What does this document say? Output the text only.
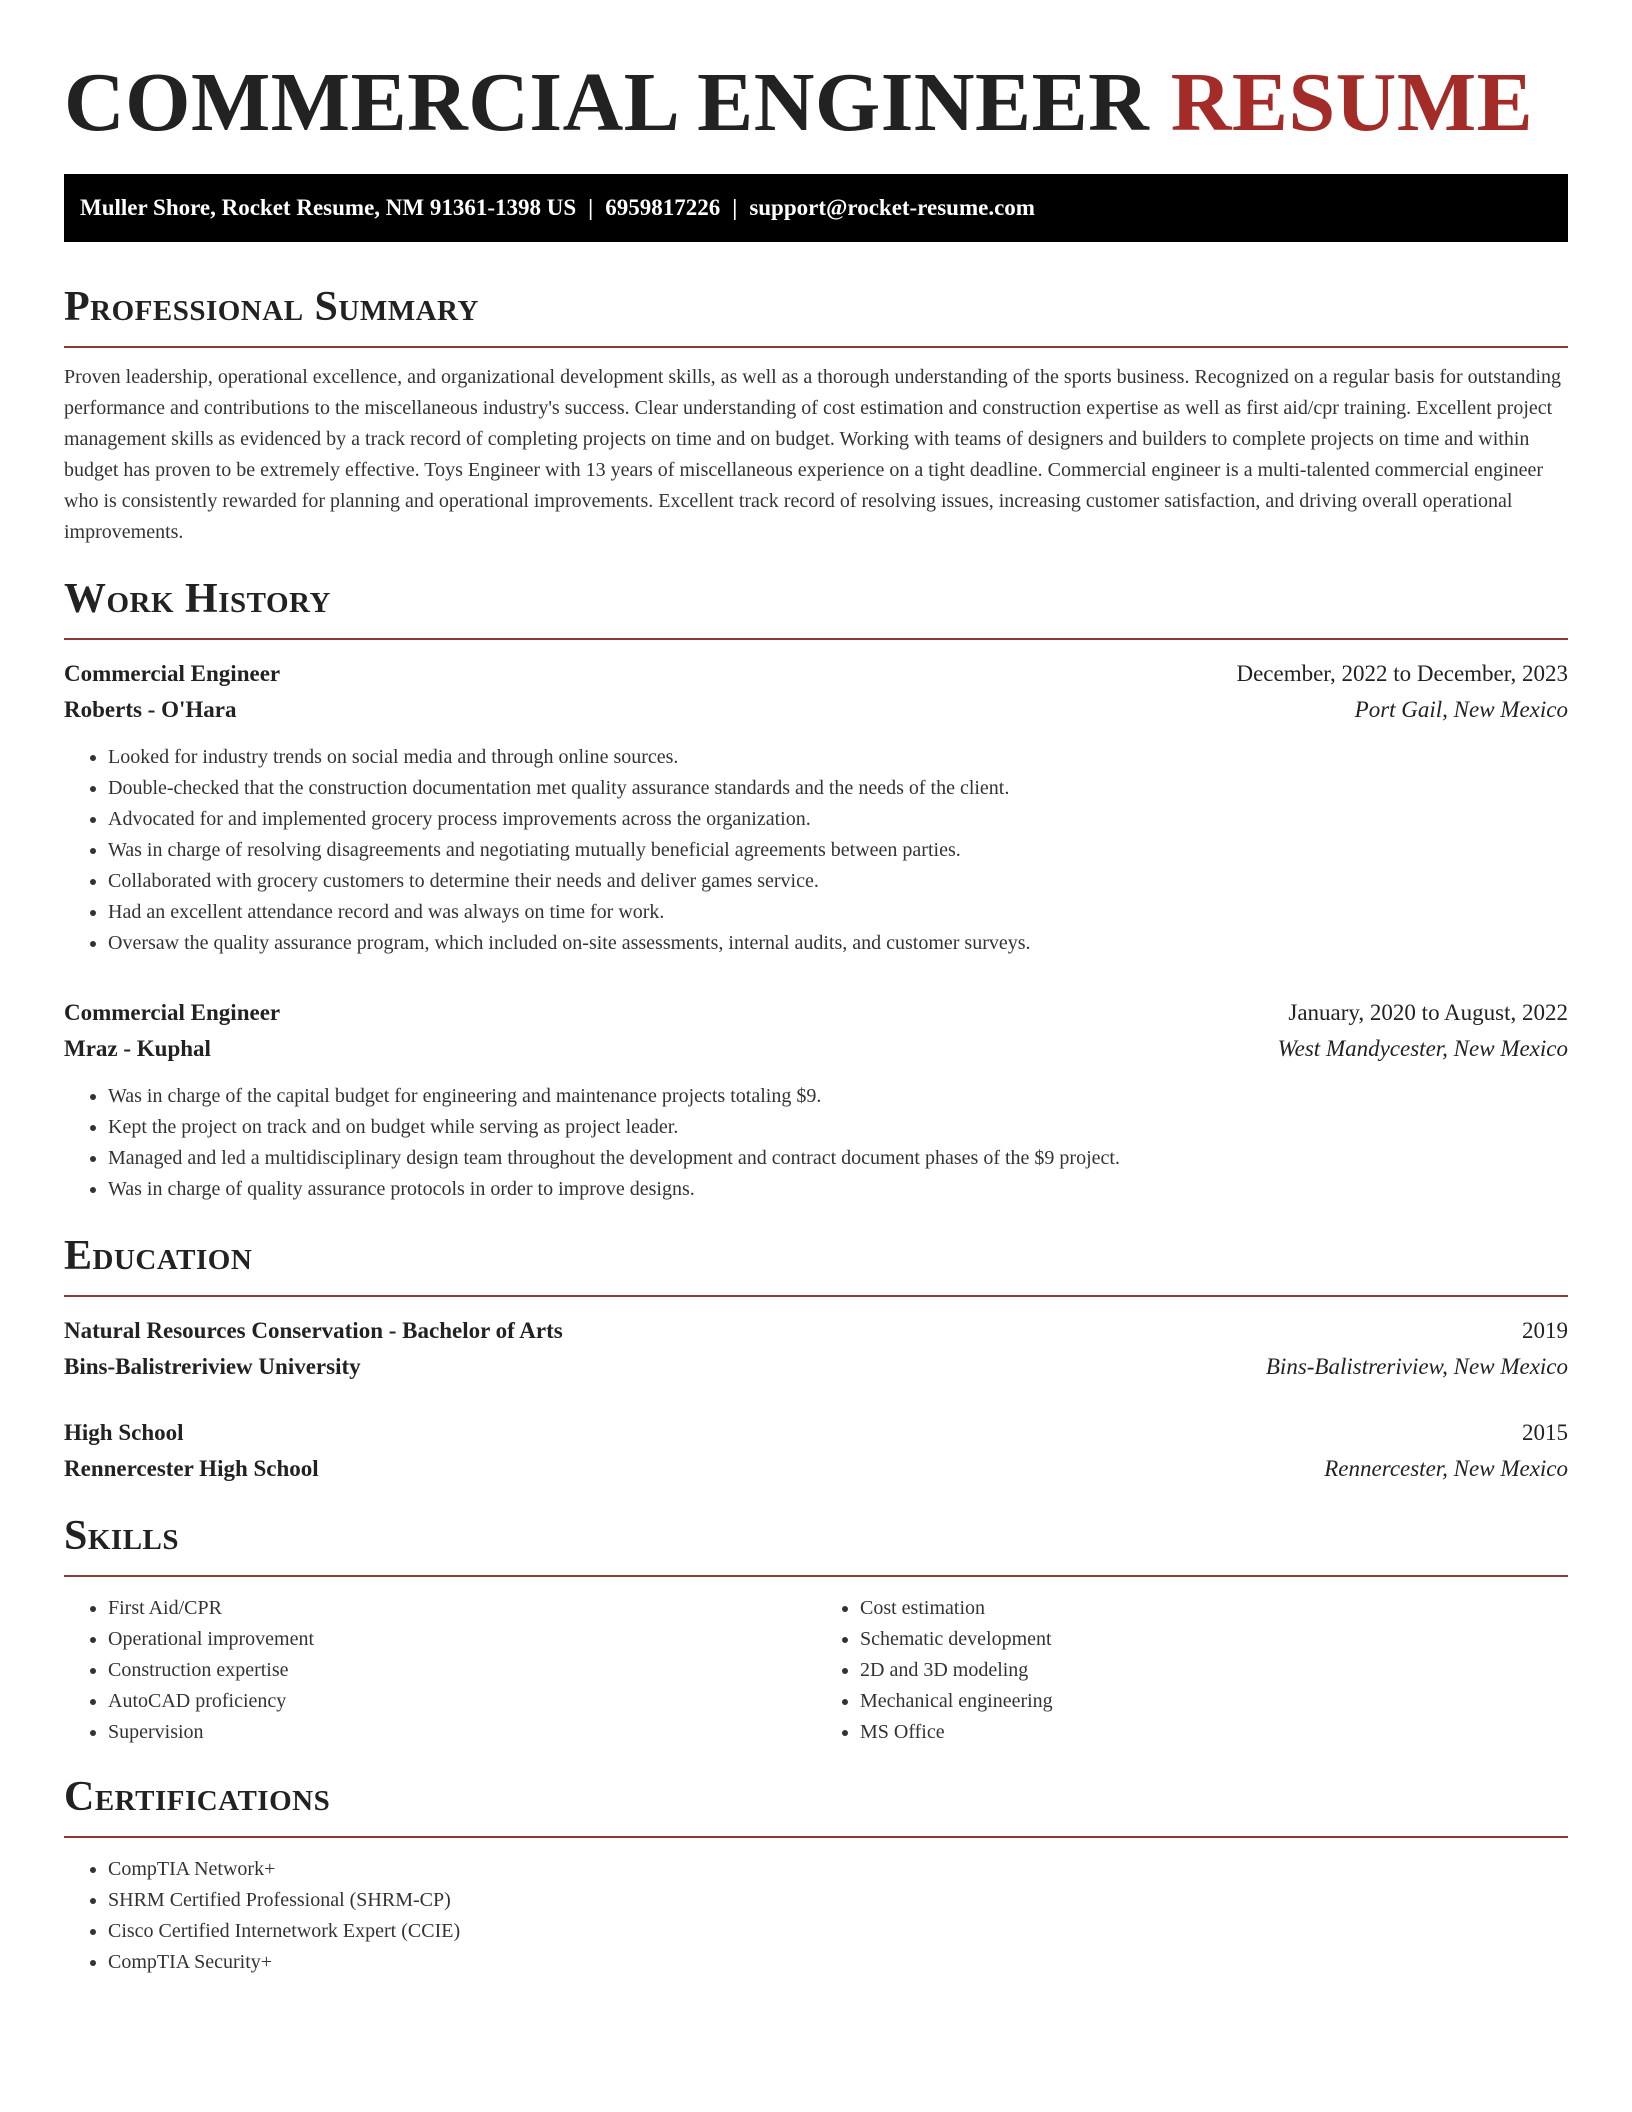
COMMERCIAL ENGINEER RESUME
Muller Shore, Rocket Resume, NM 91361-1398 US | 6959817226 | support@rocket-resume.com
Professional Summary

Proven leadership, operational excellence, and organizational development skills, as well as a thorough understanding of the sports business. Recognized on a regular basis for outstanding performance and contributions to the miscellaneous industry's success. Clear understanding of cost estimation and construction expertise as well as first aid/cpr training. Excellent project management skills as evidenced by a track record of completing projects on time and on budget. Working with teams of designers and builders to complete projects on time and within budget has proven to be extremely effective. Toys Engineer with 13 years of miscellaneous experience on a tight deadline. Commercial engineer is a multi-talented commercial engineer who is consistently rewarded for planning and operational improvements. Excellent track record of resolving issues, increasing customer satisfaction, and driving overall operational improvements.

Work History
Commercial Engineer	December, 2022 to December, 2023
Roberts - O'Hara	Port Gail, New Mexico
• Looked for industry trends on social media and through online sources.
• Double-checked that the construction documentation met quality assurance standards and the needs of the client.
• Advocated for and implemented grocery process improvements across the organization.
• Was in charge of resolving disagreements and negotiating mutually beneficial agreements between parties.
• Collaborated with grocery customers to determine their needs and deliver games service.
• Had an excellent attendance record and was always on time for work.
• Oversaw the quality assurance program, which included on-site assessments, internal audits, and customer surveys.
Commercial Engineer	January, 2020 to August, 2022
Mraz - Kuphal	West Mandycester, New Mexico
• Was in charge of the capital budget for engineering and maintenance projects totaling $9.
• Kept the project on track and on budget while serving as project leader.
• Managed and led a multidisciplinary design team throughout the development and contract document phases of the $9 project.
• Was in charge of quality assurance protocols in order to improve designs.
Education
Natural Resources Conservation - Bachelor of Arts	2019
Bins-Balistreriview University	Bins-Balistreriview, New Mexico
High School	2015
Rennercester High School	Rennercester, New Mexico
Skills
• First Aid/CPR
• Operational improvement
• Construction expertise
• AutoCAD proficiency
• Supervision
• Cost estimation
• Schematic development
• 2D and 3D modeling
• Mechanical engineering
• MS Office
Certifications
• CompTIA Network+
• SHRM Certified Professional (SHRM-CP)
• Cisco Certified Internetwork Expert (CCIE)
• CompTIA Security+
